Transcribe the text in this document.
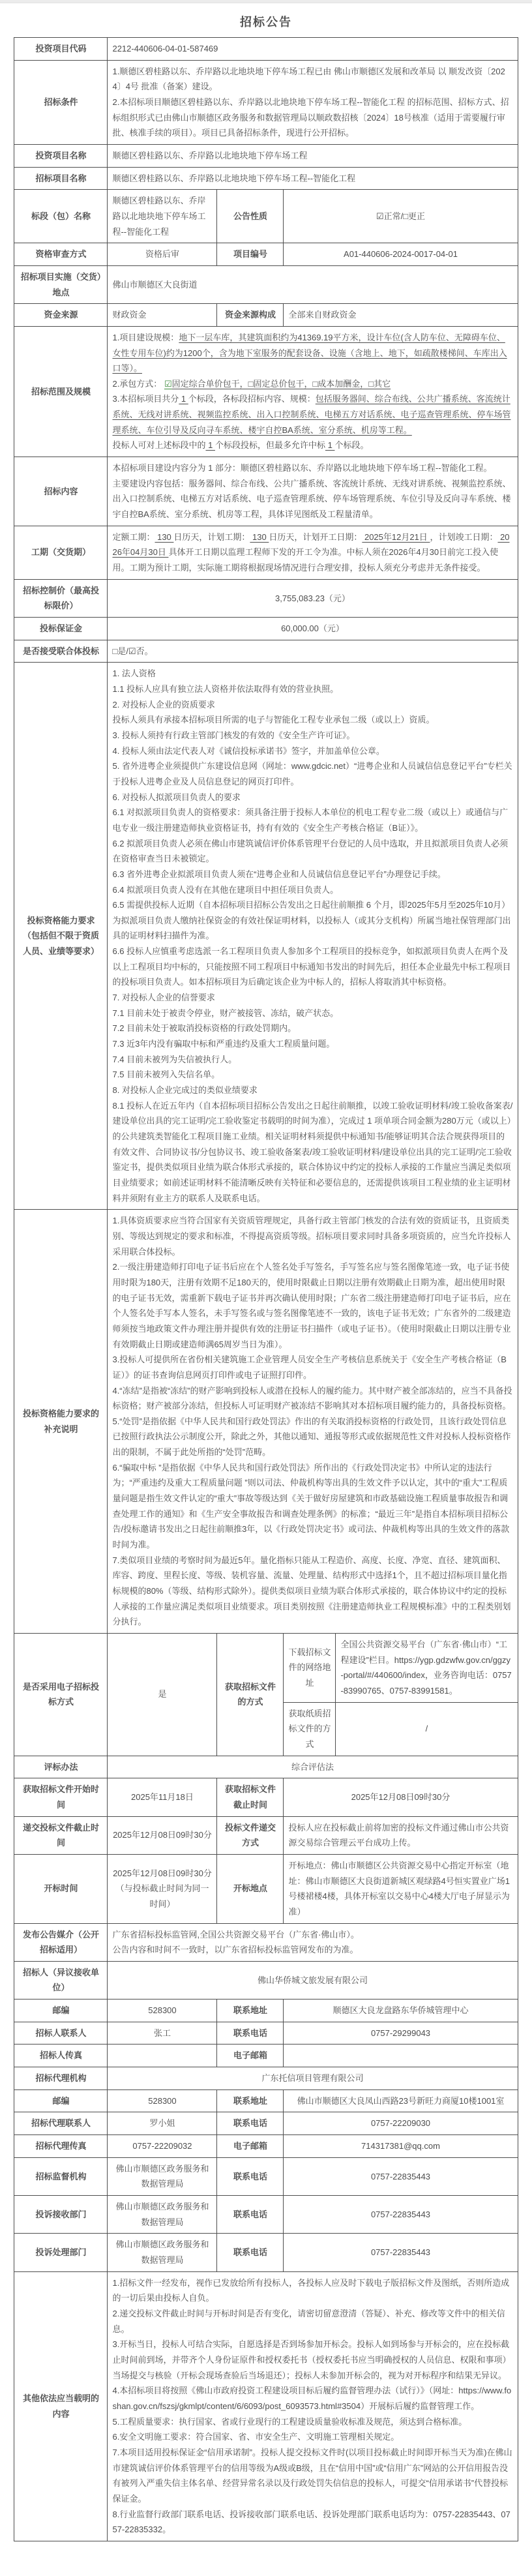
招标公告
投资项目代码	2212-440606-04-01-587469			
招标条件	1.顺德区碧桂路以东、乔岸路以北地块地下停车场工程已由 佛山市顺德区发展和改革局 以 顺发改资〔2024〕4号 批准（备案）建设。
2.本招标项目顺德区碧桂路以东、乔岸路以北地块地下停车场工程--智能化工程 的招标范围、招标方式、招标组织形式已由佛山市顺德区政务服务和数据管理局以顺政数招核〔2024〕18号核准（适用于需要履行审批、核准手续的项目）。项目已具备招标条件，现进行公开招标。			

投资项目名称	顺德区碧桂路以东、乔岸路以北地块地下停车场工程			
招标项目名称	顺德区碧桂路以东、乔岸路以北地块地下停车场工程--智能化工程			
标段（包）名称	顺德区碧桂路以东、乔岸路以北地块地下停车场工程--智能化工程	公告性质	☑正常/□更正	
资格审查方式	资格后审	项目编号	A01-440606-2024-0017-04-01	
招标项目实施（交货）地点	佛山市顺德区大良街道			
资金来源	财政资金	资金来源构成	全部来自财政资金	
招标范围及规模	1.项目建设规模：地下一层车库，其建筑面积约为41369.19平方米，设计车位(含人防车位、无障碍车位、女性专用车位)约为1200个，含为地下室服务的配套设备、设施（含地上、地下，如疏散楼梯间、车库出入口等）。
2.承包方式： ☑固定综合单价包干，□固定总价包干，□成本加酬金，□其它
3.本招标项目共分 1 个标段，各标段招标内容、规模：包括服务器间、综合布线、公共广播系统、客流统计系统、无线对讲系统、视频监控系统、出入口控制系统、电梯五方对话系统、电子巡查管理系统、停车场管理系统、车位引导及反向寻车系统、楼宇自控BA系统、室分系统、机房等工程。
投标人可对上述标段中的 1 个标段投标，但最多允许中标 1 个标段。			

招标内容	本招标项目建设内容分为 1 部分：顺德区碧桂路以东、乔岸路以北地块地下停车场工程--智能化工程。
主要建设内容包括：服务器间、综合布线、公共广播系统、客流统计系统、无线对讲系统、视频监控系统、出入口控制系统、电梯五方对话系统、电子巡查管理系统、停车场管理系统、车位引导及反向寻车系统、楼宇自控BA系统、室分系统、机房等工程，具体详见图纸及工程量清单。			

工期（交货期）	定额工期： 130 日历天，计划工期： 130 日历天，计划开工日期： 2025年12月21日 ，计划竣工日期： 2026年04月30日 具体开工日期以监理工程师下发的开工令为准。中标人须在2026年4月30日前完工投入使用。工期为预计工期，实际施工期将根据现场情况进行合理安排，投标人须充分考虑并无条件接受。			

招标控制价（最高投标限价）	3,755,083.23（元）			
投标保证金	60,000.00（元）			
是否接受联合体投标	□是/☑否。			
投标资格能力要求（包括但不限于资质人员、业绩等要求）	
1. 法人资格
1.1 投标人应具有独立法人资格并依法取得有效的营业执照。
2. 对投标人企业的资质要求
投标人须具有承接本招标项目所需的电子与智能化工程专业承包二级（或以上）资质。
3. 投标人须持有行政主管部门核发的有效的《安全生产许可证》。
4. 投标人须由法定代表人对《诚信投标承诺书》签字，并加盖单位公章。
5. 省外进粤企业须提供广东建设信息网（网址：www.gdcic.net）“进粤企业和人员诚信信息登记平台”专栏关于投标人进粤企业及人员信息登记的网页打印件。
6. 对投标人拟派项目负责人的要求
6.1 对拟派项目负责人的资格要求：须具备注册于投标人本单位的机电工程专业二级（或以上）或通信与广电专业一级注册建造师执业资格证书，持有有效的《安全生产考核合格证（B证）》。
6.2 拟派项目负责人必须在佛山市建筑诚信评价体系管理平台登记的人员中选取，并且拟派项目负责人必须在资格审查当日未被锁定。
6.3 省外进粤企业拟派项目负责人须在“进粤企业和人员诚信信息登记平台”办理登记手续。
6.4 拟派项目负责人没有在其他在建项目中担任项目负责人。
6.5 需提供投标人近期（自本招标项目招标公告发出之日起往前顺推 6 个月，即2025年5月至2025年10月）为拟派项目负责人缴纳社保资金的有效社保证明材料，以投标人（或其分支机构）所属当地社保管理部门出具的证明材料扫描件为准。
6.6 投标人应慎重考虑选派一名工程项目负责人参加多个工程项目的投标竞争，如拟派项目负责人在两个及以上工程项目均中标的，只能按照不同工程项目中标通知书发出的时间先后，担任本企业最先中标工程项目的投标项目负责人。如本招标项目为后确定该企业为中标人的，招标人将取消其中标资格。
7. 对投标人企业的信誉要求
7.1 目前未处于被责令停业，财产被接管、冻结，破产状态。
7.2 目前未处于被取消投标资格的行政处罚期内。
7.3 近3年内没有骗取中标和严重违约及重大工程质量问题。
7.4 目前未被列为失信被执行人。
7.5 目前未被列入失信名单。
8. 对投标人企业完成过的类似业绩要求
8.1 投标人在近五年内（自本招标项目招标公告发出之日起往前顺推，以竣工验收证明材料/竣工验收备案表/建设单位出具的完工证明/完工验收鉴定书载明的时间为准），完成过 1 项单项合同金额为280万元（或以上）的公共建筑类智能化工程项目施工业绩。相关证明材料须提供中标通知书/能够证明其合法合规获得项目的有效文件、合同协议书/分包协议书、竣工验收备案表/竣工验收证明材料/建设单位出具的完工证明/完工验收鉴定书，提供类似项目业绩为联合体形式承接的，联合体协议中约定的投标人承接的工作量应当满足类似项目业绩要求；如前述证明材料不能清晰反映有关特征和必要信息的，还需提供该项目工程业绩的业主证明材料并须附有业主方的联系人及联系电话。

投标资格能力要求的补充说明	
1.具体资质要求应当符合国家有关资质管理规定，具备行政主管部门核发的合法有效的资质证书，且资质类别、等级达到规定的要求和标准，不得提高资质等级。招标项目要求同时具备多项资质的，应当允许投标人采用联合体投标。
2.一级注册建造师打印电子证书后应在个人签名处手写签名，手写签名应与签名图像笔迹一致，电子证书使用时限为180天，注册有效期不足180天的，使用时限截止日期以注册有效期截止日期为准，超出使用时限的电子证书无效，需重新下载电子证书并再次确认使用时限；广东省二级注册建造师打印电子证书后，应在个人签名处手写本人签名，未手写签名或与签名图像笔迹不一致的，该电子证书无效；广东省外的二级建造师须按当地政策文件办理注册并提供有效的注册证书扫描件（或电子证书）。（使用时限截止日期以注册专业有效期截止日期或建造师满65周岁当日为准）。
3.投标人可提供所在省份相关建筑施工企业管理人员安全生产考核信息系统关于《安全生产考核合格证（B证）》的证书查询信息网页打印件或电子证照打印件。
4.“冻结”是指被“冻结”的财产影响到投标人或潜在投标人的履约能力。其中财产被全部冻结的，应当不具备投标资格；财产被部分冻结，但投标人可证明财产被冻结不影响其对本招标项目履约能力的，具备投标资格。
5.“处罚”是指依据《中华人民共和国行政处罚法》作出的有关取消投标资格的行政处罚，且该行政处罚信息已按照行政执法公示制度公开，除此之外，其他以通知、通报等形式或依据规范性文件对投标人投标资格作出的限制，不属于此处所指的“处罚”范畴。
6.“骗取中标 ”是指依据《中华人民共和国行政处罚法》所作出的《行政处罚决定书》中所认定的违法行为；“严重违约及重大工程质量问题 ”则以司法、仲裁机构等出具的生效文件予以认定，其中的“重大”工程质量问题是指生效文件认定的“重大”事故等级达到《关于做好房屋建筑和市政基础设施工程质量事故报告和调查处理工作的通知》和《生产安全事故报告和调查处理条例》的标准；“最近三年”是指自本招标项目招标公告/投标邀请书发出之日起往前顺推3年，以《行政处罚决定书》或司法、仲裁机构等出具的生效文件的落款时间为准。
7.类似项目业绩的考察时间为最近5年。量化指标只能从工程造价、高度、长度、净宽、直径、建筑面积、库容、跨度、里程长度、等级、装机容量、流量、处理量、结构形式中选择1个，且不超过招标项目量化指标规模的80%（等级、结构形式除外）。提供类似项目业绩为联合体形式承接的，联合体协议中约定的投标人承接的工作量应满足类似项目业绩要求。项目类别按照《注册建造师执业工程规模标准》中的工程类别划分执行。

是否采用电子招标投标方式	是	获取招标文件的方式	下载招标文件的网络地址	全国公共资源交易平台（广东省·佛山市）“工程建设”栏目。https://ygp.gdzwfw.gov.cn/ggzy-portal/#/440600/index，业务咨询电话：0757-83990765、0757-83991581。
			获取纸质招标文件的方式	/
评标办法	综合评估法			
获取招标文件开始时间	2025年11月18日	获取招标文件截止时间	2025年12月08日09时30分	
递交投标文件截止时间	2025年12月08日09时30分	投标文件递交方式	投标人应在投标截止前将加密的投标文件通过佛山市公共资源交易综合管理云平台成功上传。	
开标时间	2025年12月08日09时30分（与投标截止时间为同一时间）	开标地点	开标地点：佛山市顺德区公共资源交易中心指定开标室（地址：佛山市顺德区大良街道新城区观绿路4号恒实置业广场1号楼裙楼4楼，具体开标室以交易中心4楼大厅电子屏显示为准）	
发布公告媒介（公开招标适用）	广东省招标投标监管网,全国公共资源交易平台（广东省·佛山市）。
公告内容和时间不一致时，以广东省招标投标监管网发布的为准。			

招标人（异议接收单位）	佛山华侨城文旅发展有限公司			
邮编	528300	联系地址	顺德区大良龙盘路东华侨城管理中心	
招标人联系人	张工	联系电话	0757-29299043	
招标人传真		电子邮箱		
招标代理机构	广东托信项目管理有限公司			
邮编	528300	联系地址	佛山市顺德区大良凤山西路23号新旺力商厦10楼1001室	
招标代理联系人	罗小姐	联系电话	0757-22209030	
招标代理传真	0757-22209032	电子邮箱	714317381@qq.com	
招标监督机构	佛山市顺德区政务服务和数据管理局	联系电话	0757-22835443	
投诉接收部门	佛山市顺德区政务服务和数据管理局	联系电话	0757-22835443	
投诉处理部门	佛山市顺德区政务服务和数据管理局	联系电话	0757-22835443	
其他依法应当载明的内容	
1.招标文件一经发布，视作已发放给所有投标人，各投标人应及时下载电子版招标文件及图纸，否则所造成的一切后果由投标人自负。
2.递交投标文件截止时间与开标时间是否有变化，请密切留意澄清（答疑）、补充、修改等文件中的相关信息。
3.开标当日，投标人可结合实际，自愿选择是否到场参加开标会。投标人如到场参与开标会的，应在投标截止时间前到场，并带齐个人身份证原件和授权委托书（授权委托书应当明确授权的人员信息、权限和事项）当场提交与核验（开标会现场查验后当场退还）；投标人未参加开标会的，视为对开标程序和结果无异议。
4.本招标项目将按照《佛山市政府投资工程建设项目标后履约监督管理办法（试行）》（网址：https://www.foshan.gov.cn/fszsj/gkmlpt/content/6/6093/post_6093573.html#3504）开展标后履约监督管理工作。
5.工程质量要求：执行国家、省或行业现行的工程建设质量验收标准及规范，须达到合格标准。
6.安全文明施工要求：符合国家、省、市安全生产、文明施工管理相关规定。
7.本项目适用投标保证金“信用承诺制”。投标人提交投标文件时(以项目投标截止时间即开标当天为准)在佛山市建筑诚信评价体系管理平台的信用等级为A级或B级，且在“信用中国”或“信用广东”网站的公开信用报告没有被列入严重失信主体名单、经营异常名录以及行政处罚失信信息的投标人，可提交“信用承诺书”代替投标保证金。
8.行业监督行政部门联系电话、投诉接收部门联系电话、投诉处理部门联系电话均为：0757-22835443、0757-22835332。
